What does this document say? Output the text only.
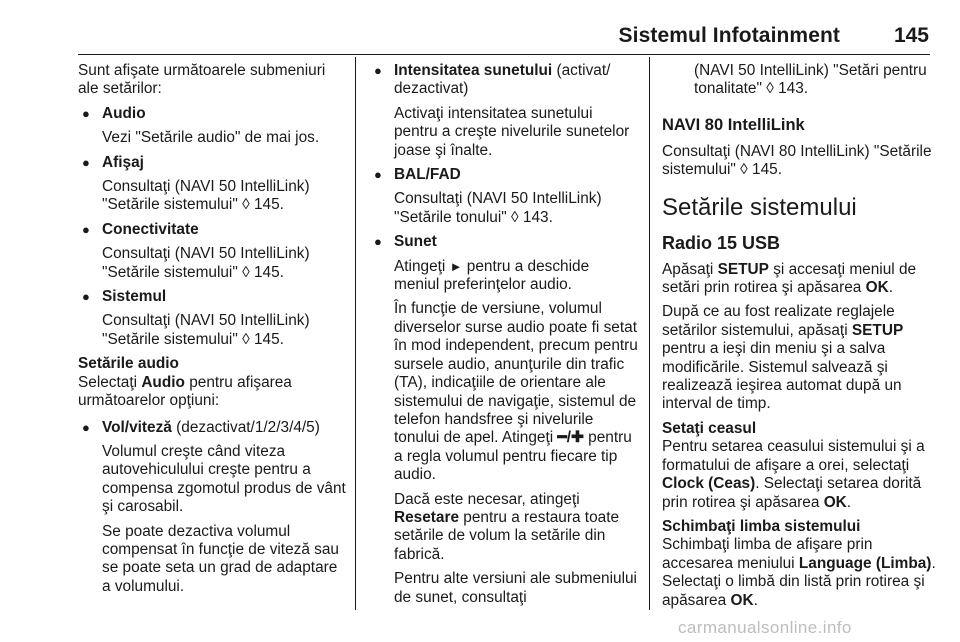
Sistemul Infotainment	145

Sunt afişate următoarele submeniuri ale setărilor:

● Audio
Vezi "Setările audio" de mai jos.
● Afişaj
Consultaţi (NAVI 50 IntelliLink) "Setările sistemului" ◊ 145.
● Conectivitate
Consultaţi (NAVI 50 IntelliLink) "Setările sistemului" ◊ 145.
● Sistemul
Consultaţi (NAVI 50 IntelliLink) "Setările sistemului" ◊ 145.

Setările audio
Selectaţi Audio pentru afişarea următoarelor opţiuni:

● Vol/viteză (dezactivat/1/2/3/4/5)

Volumul creşte când viteza autovehiculului creşte pentru a compensa zgomotul produs de vânt şi carosabil.

Se poate dezactiva volumul compensat în funcţie de viteză sau se poate seta un grad de adaptare a volumului.

● Intensitatea sunetului (activat/ dezactivat)

Activaţi intensitatea sunetului pentru a creşte nivelurile sunetelor joase şi înalte.

● BAL/FAD

Consultaţi (NAVI 50 IntelliLink) "Setările tonului" ◊ 143.

● Sunet

Atingeţi ► pentru a deschide meniul preferinţelor audio.

În funcţie de versiune, volumul diverselor surse audio poate fi setat în mod independent, precum pentru sursele audio, anunţurile din trafic (TA), indicaţiile de orientare ale sistemului de navigaţie, sistemul de telefon handsfree şi nivelurile tonului de apel. Atingeţi ━/✚ pentru a regla volumul pentru fiecare tip audio.

Dacă este necesar, atingeţi Resetare pentru a restaura toate setările de volum la setările din fabrică.

Pentru alte versiuni ale submeniului de sunet, consultaţi

(NAVI 50 IntelliLink) "Setări pentru tonalitate" ◊ 143.
NAVI 80 IntelliLink

Consultaţi (NAVI 80 IntelliLink) "Setările sistemului" ◊ 145.

Setările sistemului
Radio 15 USB

Apăsaţi SETUP şi accesaţi meniul de setări prin rotirea şi apăsarea OK.

După ce au fost realizate reglajele setărilor sistemului, apăsaţi SETUP pentru a ieşi din meniu şi a salva modificările. Sistemul salvează şi realizează ieşirea automat după un interval de timp.

Setaţi ceasul
Pentru setarea ceasului sistemului şi a formatului de afişare a orei, selectaţi Clock (Ceas). Selectaţi setarea dorită prin rotirea şi apăsarea OK.

Schimbaţi limba sistemului
Schimbaţi limba de afişare prin accesarea meniului Language (Limba). Selectaţi o limbă din listă prin rotirea şi apăsarea OK.

carmanualsonline.info
